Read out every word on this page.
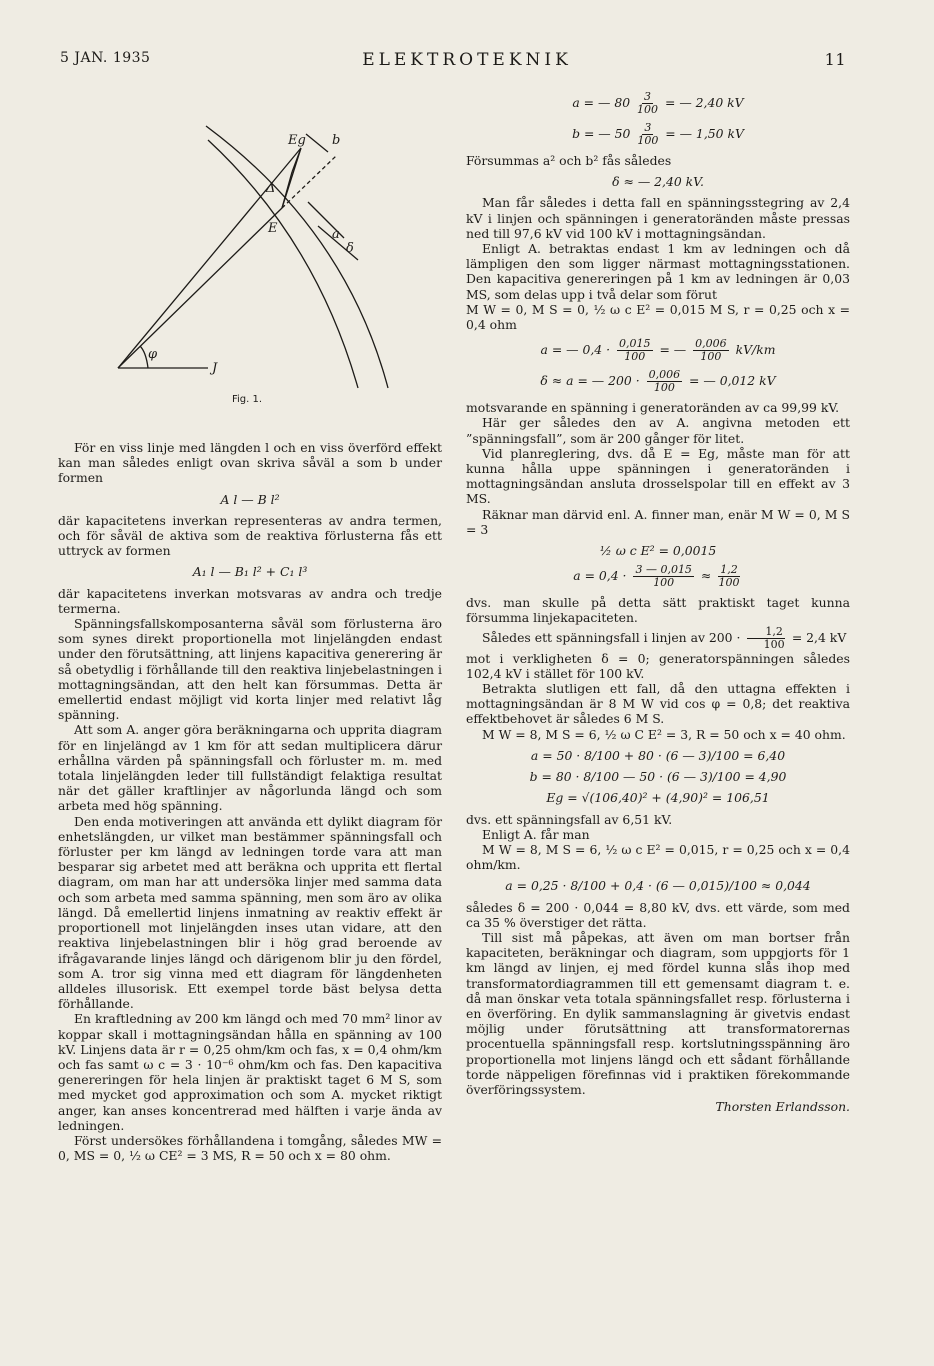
5 JAN. 1935	ELEKTROTEKNIK	11
Eg b
Δ
E	a
δ
φ
J
Fig. 1.

För en viss linje med längden l och en viss överförd effekt kan man således enligt ovan skriva såväl a som b under formen

A l — B l²

där kapacitetens inverkan representeras av andra termen, och för såväl de aktiva som de reaktiva förlusterna fås ett uttryck av formen

A₁ l — B₁ l² + C₁ l³

där kapacitetens inverkan motsvaras av andra och tredje termerna.

Spänningsfallskomposanterna såväl som förlusterna äro som synes direkt proportionella mot linjelängden endast under den förutsättning, att linjens kapacitiva generering är så obetydlig i förhållande till den reaktiva linjebelastningen i mottagningsändan, att den helt kan försummas. Detta är emellertid endast möjligt vid korta linjer med relativt låg spänning.

Att som A. anger göra beräkningarna och uppritа diagram för en linjelängd av 1 km för att sedan multiplicera därur erhållna värden på spänningsfall och förluster m. m. med totala linjelängden leder till fullständigt felaktiga resultat när det gäller kraftlinjer av någorlunda längd och som arbeta med hög spänning.

Den enda motiveringen att använda ett dylikt diagram för enhetslängden, ur vilket man bestämmer spänningsfall och förluster per km längd av ledningen torde vara att man besparar sig arbetet med att beräkna och uppritа ett flertal diagram, om man har att undersöka linjer med samma data och som arbeta med samma spänning, men som äro av olika längd. Då emellertid linjens inmatning av reaktiv effekt är proportionell mot linjelängden inses utan vidare, att den reaktiva linjebelastningen blir i hög grad beroende av ifrågavarande linjes längd och därigenom blir ju den fördel, som A. tror sig vinna med ett diagram för längdenheten alldeles illusorisk. Ett exempel torde bäst belysa detta förhållande.

En kraftledning av 200 km längd och med 70 mm² linor av koppar skall i mottagningsändan hålla en spänning av 100 kV. Linjens data är r = 0,25 ohm/km och fas, x = 0,4 ohm/km och fas samt ω c = 3 · 10⁻⁶ ohm/km och fas. Den kapacitiva genereringen för hela linjen är praktiskt taget 6 M S, som med mycket god approximation och som A. mycket riktigt anger, kan anses koncentrerad med hälften i varje ända av ledningen.

Först undersökes förhållandena i tomgång, således MW = 0, MS = 0, ½ ω CE² = 3 MS, R = 50 och x = 80 ohm.

a = — $80 \frac{3}{100}$ = — 2,40 kV
b = — $50 \frac{3}{100}$ = — 1,50 kV

Försummas a² och b² fås således

δ ≈ — 2,40 kV.

Man får således i detta fall en spänningsstegring av 2,4 kV i linjen och spänningen i generatoränden måste pressas ned till 97,6 kV vid 100 kV i mottagningsändan.

Enligt A. betraktas endast 1 km av ledningen och då lämpligen den som ligger närmast mottagningsstationen. Den kapacitiva genereringen på 1 km av ledningen är 0,03 MS, som delas upp i två delar som förut

M W = 0, M S = 0, ½ ω c E² = 0,015 M S, r = 0,25 och x = 0,4 ohm

a = — $0,4 \cdot \frac{0,015}{100}$ = — $\frac{0,006}{100} kV/km$
δ ≈ a = — $200 \cdot \frac{0,006}{100}$ = — 0,012 kV

motsvarande en spänning i generatoränden av ca 99,99 kV.

Här ger således den av A. angivna metoden ett ”spänningsfall”, som är 200 gånger för litet.

Vid planreglering, dvs. då E = Eg, måste man för att kunna hålla uppe spänningen i generatoränden i mottagningsändan ansluta drosselspolar till en effekt av 3 MS.

Räknar man därvid enl. A. finner man, enär M W = 0, M S = 3

½ ω c E² = 0,0015
$a = 0,4 \cdot \frac{3 — 0,015}{100} \approx \frac{1,2}{100}$

dvs. man skulle på detta sätt praktiskt taget kunna försumma linjekapaciteten.

Således ett spänningsfall i linjen av $200 \cdot \frac{1,2}{100} = 2,4$ kV

mot i verkligheten δ = 0; generatorspänningen således 102,4 kV i stället för 100 kV.

Betrakta slutligen ett fall, då den uttagna effekten i mottagningsändan är 8 M W vid cos φ = 0,8; det reaktiva effektbehovet är således 6 M S.

M W = 8, M S = 6, ½ ω C E² = 3, R = 50 och x = 40 ohm.

a = 50 · 8/100 + 80 · (6 — 3)/100 = 6,40
b = 80 · 8/100 — 50 · (6 — 3)/100 = 4,90
Eg = √(106,40)² + (4,90)² = 106,51

dvs. ett spänningsfall av 6,51 kV.

Enligt A. får man

M W = 8, M S = 6, ½ ω c E² = 0,015, r = 0,25 och x = 0,4 ohm/km.

a = 0,25 · 8/100 + 0,4 · (6 — 0,015)/100 ≈ 0,044

således δ = 200 · 0,044 = 8,80 kV, dvs. ett värde, som med ca 35 % överstiger det rätta.

Till sist må påpekas, att även om man bortser från kapaciteten, beräkningar och diagram, som uppgjorts för 1 km längd av linjen, ej med fördel kunna slås ihop med transformatordiagrammen till ett gemensamt diagram t. e. då man önskar veta totala spänningsfallet resp. förlusterna i en överföring. En dylik sammanslagning är givetvis endast möjlig under förutsättning att transformatorernas procentuella spänningsfall resp. kortslutningsspänning äro proportionella mot linjens längd och ett sådant förhållande torde näppeligen förefinnas vid i praktiken förekommande överföringssystem.

Thorsten Erlandsson.
